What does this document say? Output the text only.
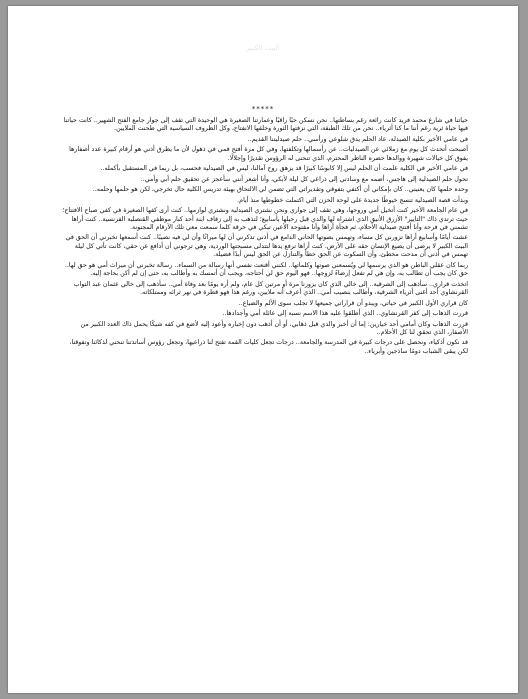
البيت الكبير
*****

حياتنا في شارع محمد فريد كانت رائعة رغم بساطتها.. نحن نسكن حيًا راقيًا وعمارتنا الصغيرة هي الوحيدة التي تقف إلى جوار جامع الفتح الشهير.. كانت حياتنا فيها حياة ثرية رغم أننا ما كنا أثرياء.. نحن من تلك الطبقة، التي نزفتها الثورة وخلقها الانفتاح، وكل الظروف السياسية التي طحنت الملايين.

في عامي الأخير بكلية الصيدلة، عاد الحلم يدق شلوعي ورأسي.. حلم صيدليتنا القديم..

أصبحت أتحدث كل يوم مع زملائي عن الصيدليات.. عن رأسمالها وتكلفتها، وفي كل مرة أفتح فمي في ذهول لأن ما يطرق أذني هو أرقام كبيرة عدد أصفارها يفوق كل خيالات شهيرة ووالدها حضره الناظر المحترم، الذي تنحنى له الرؤوس تقديرًا وإجلالًا.

في عامي الأخير في الكلية علمت أن الحلم ليس إلا كابوسًا كبيرًا قد يزهق روح آمالنا، ليس في الصيدلية فحسب، بل ربما في المستقبل بأكمله..

تحول حلم الصيدلية إلى هاجس، أضمه مع وسادتي إلى ذراعي كل ليلة لأبكي، وأنا أشعر أنني سأعجز عن تحقيق حلم أبي وأمي..

وحده حلمها كان يعنيني.. كان بإمكاني أن أكتفي بتفوقي وتقديراتي التي تضمن لي الالتحاق بهيئة تدريس الكلية حال تخرجي، لكن هو حلمها وحلمه..

وبدأت قصة الصيدلية تنسج خيوطًا جديدة على لوحة الحزن التي اكتملت خطوطها منذ أيام.

في عام الجامعة الأخير كنت أتخيل أمي وروحها، وهي تقف إلى جواري ونحن نشتري الصيدلية ونشتري لوازمها.. كنت أرى كفها الصغيرة في كفي صباح الافتتاح؛ حيث ترتدي ذاك "التايير" الأزرق الأنيق الذي اشتراه لها والدي قبل رحيلها بأسابيع؛ لتذهب به إلى زفاف ابنة أحد كبار موظفي القنصلية الفرنسية.. كنت أراها تشمني في فرحة وأنا أفتتح صيدلية الأحلام، ثم فجأة أراها وأنا مفتوحة الأعين تبكي في حرقة كلما سمعت معي تلك الأرقام المجنونة.

عشت أيامًا وأسابيع أراها تزورني كل مساء، وتهمس بصوتها الحاني الدامع في أذني تذكرني أن لها ميراثًا وأن لي فيه نصيبًا.. كنت أسمعها تخبرني أن الحق في البيت الكبير لا يرضى أن يضيع الإنسان حقه على الأرض. كنت أراها ترفع يدها لتتدلى مسبحتها الوردية، وهي ترجوني أن أدافع عن حقي، كانت تأتي كل ليلة تهمس في أذني أن مدحت مخطئ، وأن السكوت عن الحق خطأ والتنازل عن الحق ليس أبدًا فضيلة.

ربما كان عقلي الباطن هو الذي يرسمها لي ويُسمعني صوتها وكلماتها.. لكنني أقنعت نفسي أنها رسالة من السماء.. رسالة تخبرني أن ميراث أمي هو حق لها.. حق كان يجب أن تطالب به، وإن هي لم تفعل إرضاءً لزوجها.. فهو اليوم حق لي أحتاجه، ويجب أن أتمسك به وأطالب به، حتى إن لم أكن بحاجة إليه.

اتخذت قراري.. سأذهب إلى الشرقية.. إلى خالي الذي كان يزورنا مرة أو مرتين كل عام، ولم أره يومًا بعد وفاة أمي.. سأذهب إلى خالي عثمان عبد التواب القرنشاوي أحد أغنى أثرياء الشرقية، وأطالب بنصيب أمي.. الذي أعرف أنه ملايين، ورغم هذا فهو قطرة في نهر ثرائه وممتلكاته.

كان قراري الأول الكبير في حياتي، ويبدو أن قراراتي جميعها لا تجلب سوى الألم والضياع..

قررت الذهاب إلى كفر القرنشاوي.. الذي أطلقوا عليه هذا الاسم نسبة إلى عائلة أمي وأجدادها..

قررت الذهاب وكان أمامي أحد خيارين: إما أن أخبر والدي قبل ذهابي، أو أن أذهب دون إخباره وأعود إليه لأضع في كفه شيكًا يحمل ذاك العدد الكبير من الأصفار، الذي تحقق لنا كل الأحلام..

قد نكون أذكياء، ونحصل على درجات كبيرة في المدرسة والجامعة.. درجات تجعل كليات القمة تفتح لنا ذراعيها، وتجعل رؤوس أساتذتنا تنحني لذكائنا وتفوقنا، لكن يبقى الشباب دومًا ساذجين وأبرياء..
